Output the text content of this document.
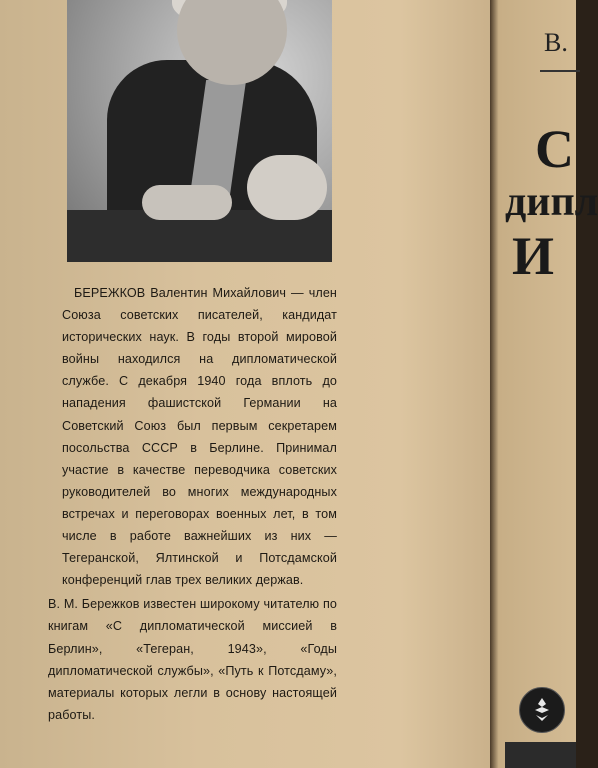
БЕРЕЖКОВ Валентин Михайлович — член Союза советских писателей, кандидат исторических наук. В годы второй мировой войны находился на дипломатической службе. С декабря 1940 года вплоть до нападения фашистской Германии на Советский Союз был первым секретарем посольства СССР в Берлине. Принимал участие в качестве переводчика советских руководителей во многих международных встречах и переговорах военных лет, в том числе в работе важнейших из них — Тегеранской, Ялтинской и Потсдамской конференций глав трех великих держав.

В. М. Бережков известен широкому читателю по книгам «С дипломатической миссией в Берлин», «Тегеран, 1943», «Годы дипломатической службы», «Путь к Потсдаму», материалы которых легли в основу настоящей работы.

В.
С
дипл
И
